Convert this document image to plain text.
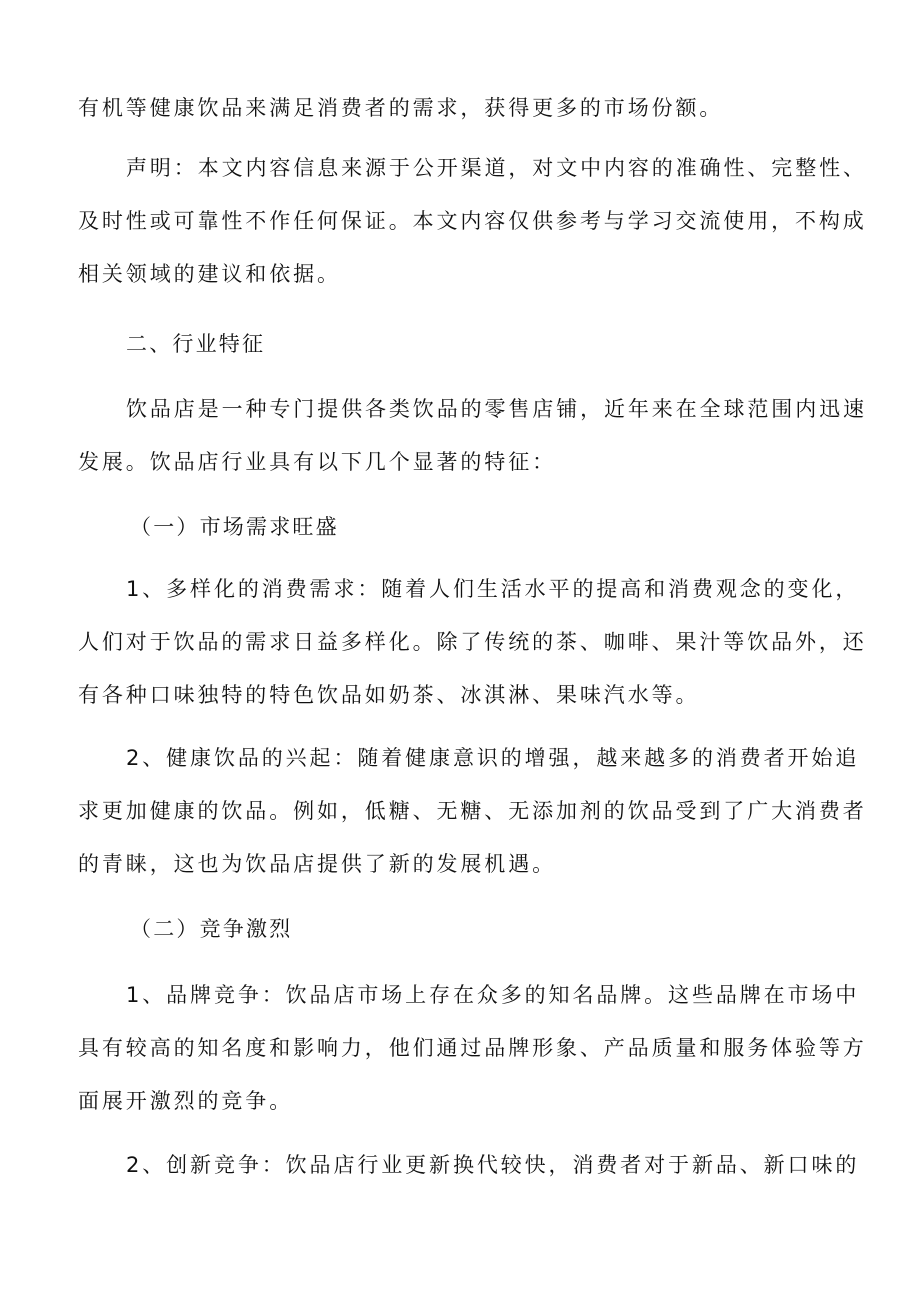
有机等健康饮品来满足消费者的需求，获得更多的市场份额。
声明：本文内容信息来源于公开渠道，对文中内容的准确性、完整性、
及时性或可靠性不作任何保证。本文内容仅供参考与学习交流使用，不构成
相关领域的建议和依据。
二、行业特征
饮品店是一种专门提供各类饮品的零售店铺，近年来在全球范围内迅速
发展。饮品店行业具有以下几个显著的特征：
（一）市场需求旺盛
1、多样化的消费需求：随着人们生活水平的提高和消费观念的变化，
人们对于饮品的需求日益多样化。除了传统的茶、咖啡、果汁等饮品外，还
有各种口味独特的特色饮品如奶茶、冰淇淋、果味汽水等。
2、健康饮品的兴起：随着健康意识的增强，越来越多的消费者开始追
求更加健康的饮品。例如，低糖、无糖、无添加剂的饮品受到了广大消费者
的青睐，这也为饮品店提供了新的发展机遇。
（二）竞争激烈
1、品牌竞争：饮品店市场上存在众多的知名品牌。这些品牌在市场中
具有较高的知名度和影响力，他们通过品牌形象、产品质量和服务体验等方
面展开激烈的竞争。
2、创新竞争：饮品店行业更新换代较快，消费者对于新品、新口味的
